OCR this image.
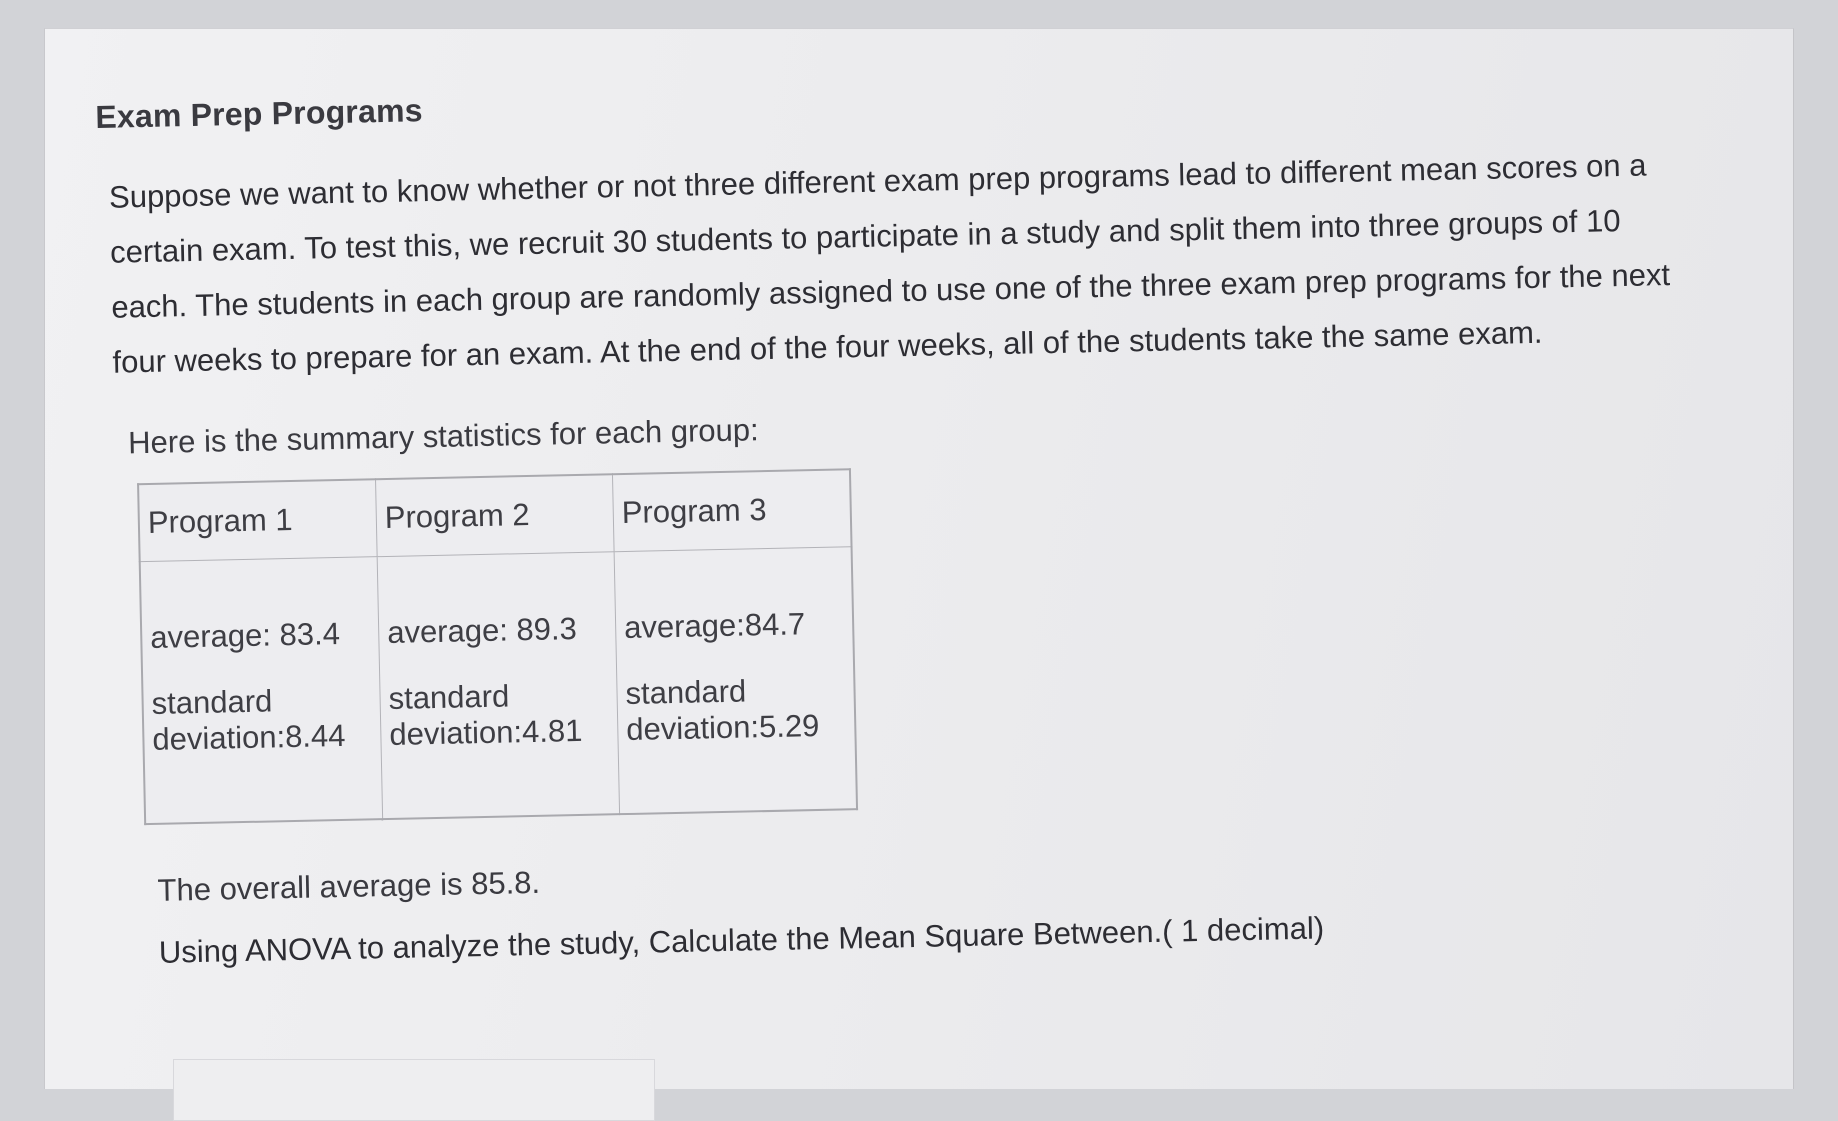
Exam Prep Programs
Suppose we want to know whether or not three different exam prep programs lead to different mean scores on a
certain exam. To test this, we recruit 30 students to participate in a study and split them into three groups of 10
each. The students in each group are randomly assigned to use one of the three exam prep programs for the next
four weeks to prepare for an exam. At the end of the four weeks, all of the students take the same exam.
Here is the summary statistics for each group:
Program 1	Program 2	Program 3

average: 83.4
standard
deviation:8.44	average: 89.3
standard
deviation:4.81	average:84.7
standard
deviation:5.29

The overall average is 85.8.

Using ANOVA to analyze the study, Calculate the Mean Square Between.( 1 decimal)
